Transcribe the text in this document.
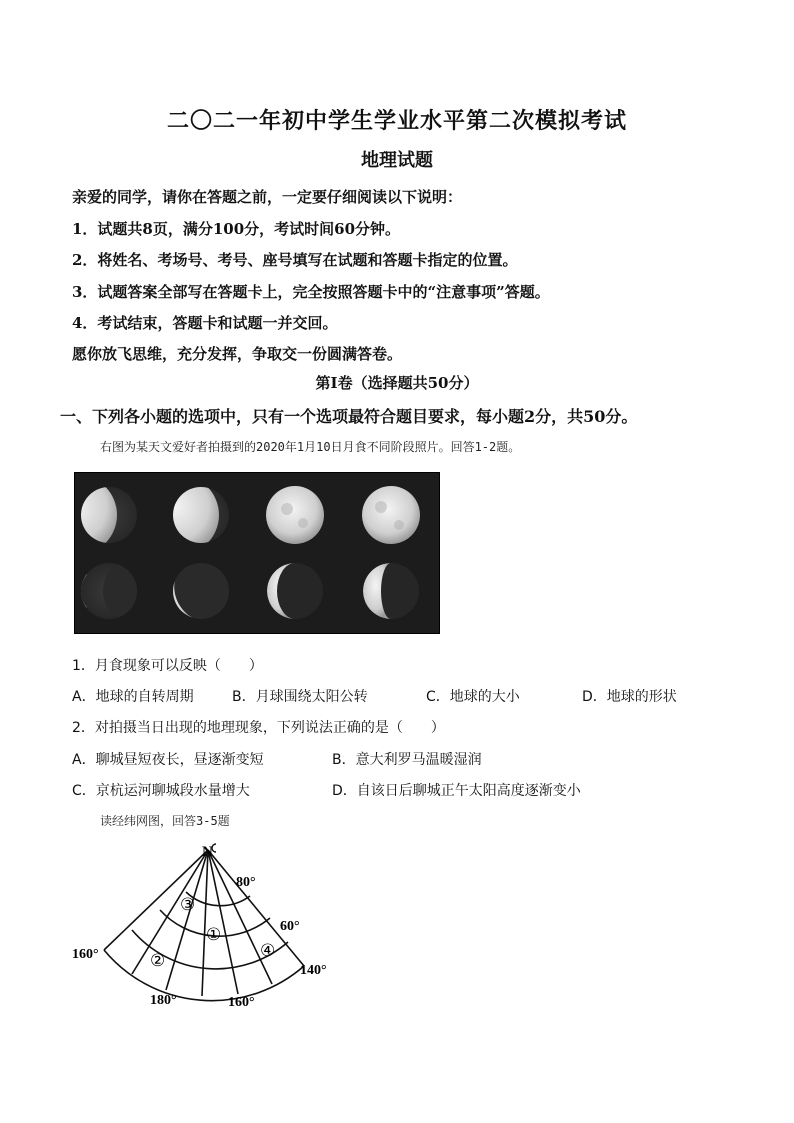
二〇二一年初中学生学业水平第二次模拟考试
地理试题
亲爱的同学，请你在答题之前，一定要仔细阅读以下说明：
1．试题共8页，满分100分，考试时间60分钟。
2．将姓名、考场号、考号、座号填写在试题和答题卡指定的位置。
3．试题答案全部写在答题卡上，完全按照答题卡中的“注意事项”答题。
4．考试结束，答题卡和试题一并交回。
愿你放飞思维，充分发挥，争取交一份圆满答卷。
第Ⅰ卷（选择题共50分）
一、下列各小题的选项中，只有一个选项最符合题目要求，每小题2分，共50分。
右图为某天文爱好者拍摄到的2020年1月10日月食不同阶段照片。回答1-2题。
1．月食现象可以反映（　　）
A．地球的自转周期	B．月球围绕太阳公转	C．地球的大小	D．地球的形状
2．对拍摄当日出现的地理现象，下列说法正确的是（　　）
A．聊城昼短夜长，昼逐渐变短	B．意大利罗马温暖湿润
C．京杭运河聊城段水量增大	D．自该日后聊城正午太阳高度逐渐变小
读经纬网图，回答3-5题
N
80°
60°
160°
180°	160°
140°
③
①
②
④
